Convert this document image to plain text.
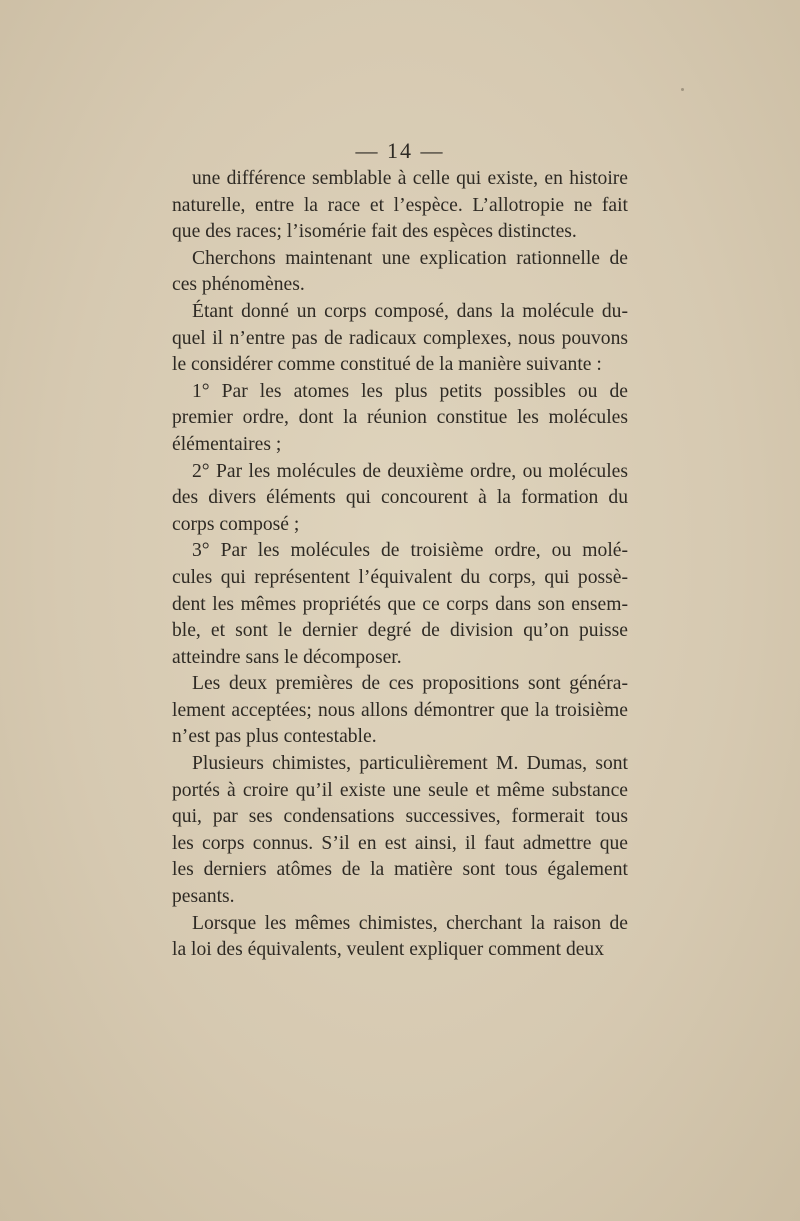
— 14 —

une différence semblable à celle qui existe, en histoire
naturelle, entre la race et l’espèce. L’allotropie ne fait
que des races; l’isomérie fait des espèces distinctes.

Cherchons maintenant une explication rationnelle de
ces phénomènes.

Étant donné un corps composé, dans la molécule du-
quel il n’entre pas de radicaux complexes, nous pouvons
le considérer comme constitué de la manière suivante :

1° Par les atomes les plus petits possibles ou de
premier ordre, dont la réunion constitue les molécules
élémentaires ;

2° Par les molécules de deuxième ordre, ou molécules
des divers éléments qui concourent à la formation du
corps composé ;

3° Par les molécules de troisième ordre, ou molé-
cules qui représentent l’équivalent du corps, qui possè-
dent les mêmes propriétés que ce corps dans son ensem-
ble, et sont le dernier degré de division qu’on puisse
atteindre sans le décomposer.

Les deux premières de ces propositions sont généra-
lement acceptées; nous allons démontrer que la troisième
n’est pas plus contestable.

Plusieurs chimistes, particulièrement M. Dumas, sont
portés à croire qu’il existe une seule et même substance
qui, par ses condensations successives, formerait tous
les corps connus. S’il en est ainsi, il faut admettre que
les derniers atômes de la matière sont tous également
pesants.

Lorsque les mêmes chimistes, cherchant la raison de
la loi des équivalents, veulent expliquer comment deux
